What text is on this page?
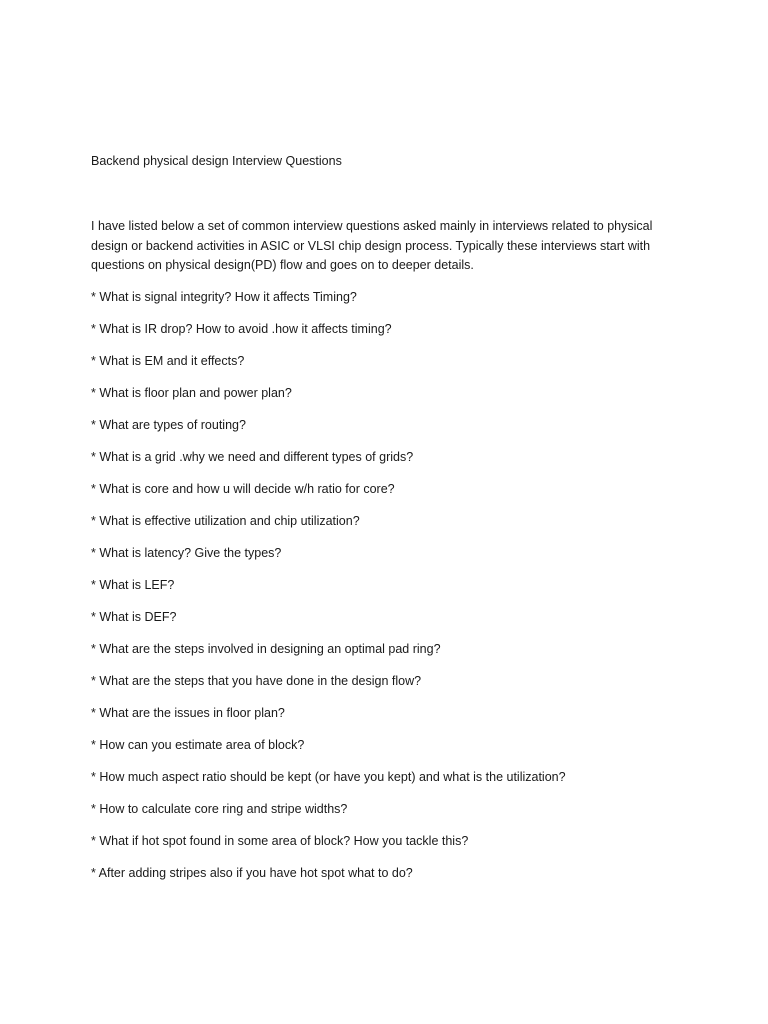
Backend physical design Interview Questions

I have listed below a set of common interview questions asked mainly in interviews related to physical design or backend activities in ASIC or VLSI chip design process. Typically these interviews start with questions on physical design(PD) flow and goes on to deeper details.

* What is signal integrity? How it affects Timing?
* What is IR drop? How to avoid .how it affects timing?
* What is EM and it effects?
* What is floor plan and power plan?
* What are types of routing?
* What is a grid .why we need and different types of grids?
* What is core and how u will decide w/h ratio for core?
* What is effective utilization and chip utilization?
* What is latency? Give the types?
* What is LEF?
* What is DEF?
* What are the steps involved in designing an optimal pad ring?
* What are the steps that you have done in the design flow?
* What are the issues in floor plan?
* How can you estimate area of block?
* How much aspect ratio should be kept (or have you kept) and what is the utilization?
* How to calculate core ring and stripe widths?
* What if hot spot found in some area of block? How you tackle this?
* After adding stripes also if you have hot spot what to do?
